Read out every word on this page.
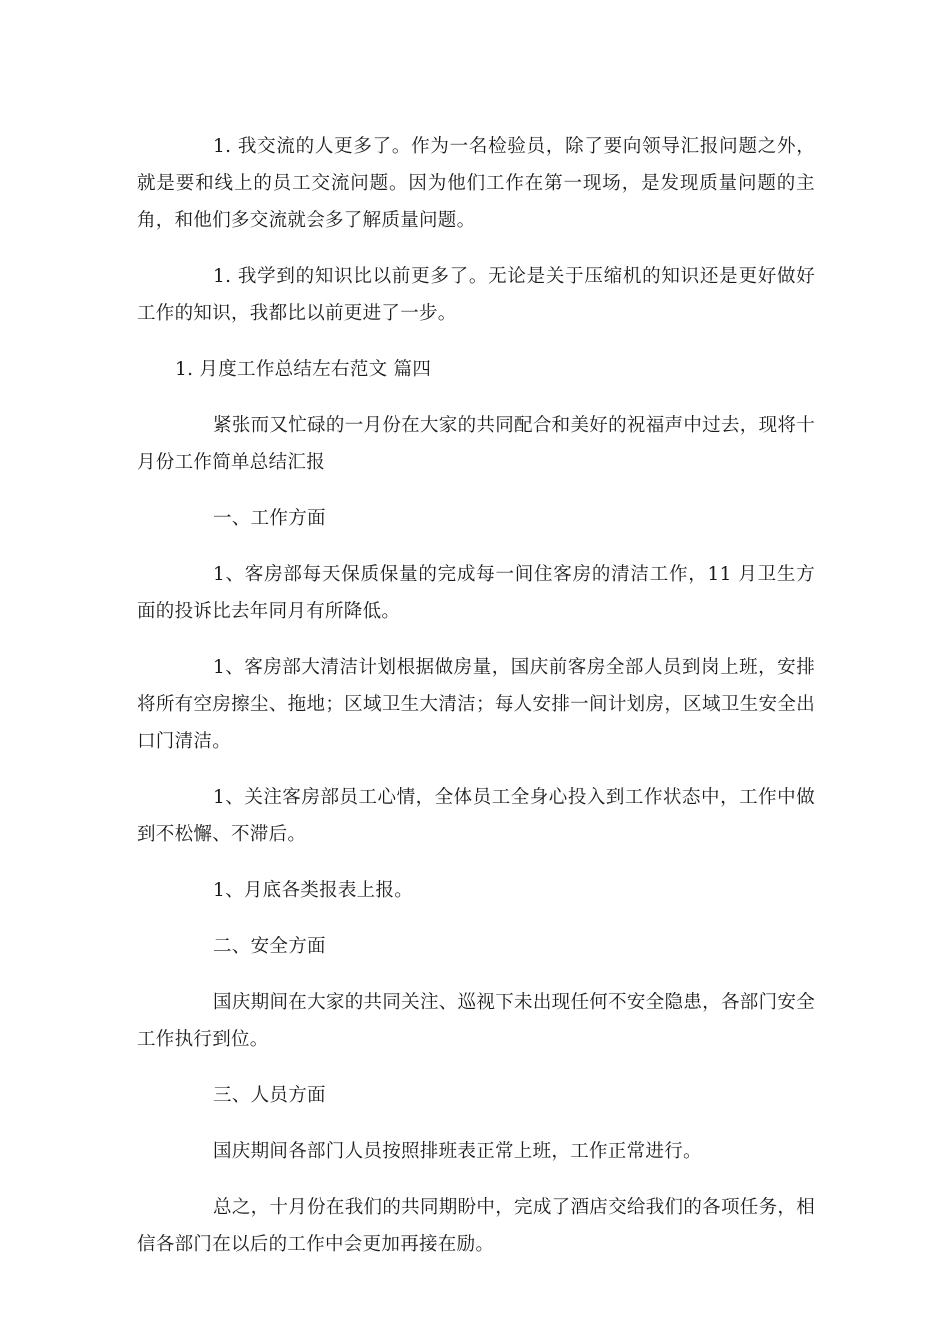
1. 我交流的人更多了。作为一名检验员，除了要向领导汇报问题之外，就是要和线上的员工交流问题。因为他们工作在第一现场，是发现质量问题的主角，和他们多交流就会多了解质量问题。

1. 我学到的知识比以前更多了。无论是关于压缩机的知识还是更好做好工作的知识，我都比以前更进了一步。

1. 月度工作总结左右范文 篇四

紧张而又忙碌的一月份在大家的共同配合和美好的祝福声中过去，现将十月份工作简单总结汇报

一、工作方面

1、客房部每天保质保量的完成每一间住客房的清洁工作，11 月卫生方面的投诉比去年同月有所降低。

1、客房部大清洁计划根据做房量，国庆前客房全部人员到岗上班，安排将所有空房擦尘、拖地；区域卫生大清洁；每人安排一间计划房，区域卫生安全出口门清洁。

1、关注客房部员工心情，全体员工全身心投入到工作状态中，工作中做到不松懈、不滞后。

1、月底各类报表上报。

二、安全方面

国庆期间在大家的共同关注、巡视下未出现任何不安全隐患，各部门安全工作执行到位。

三、人员方面

国庆期间各部门人员按照排班表正常上班，工作正常进行。

总之，十月份在我们的共同期盼中，完成了酒店交给我们的各项任务，相信各部门在以后的工作中会更加再接在励。
